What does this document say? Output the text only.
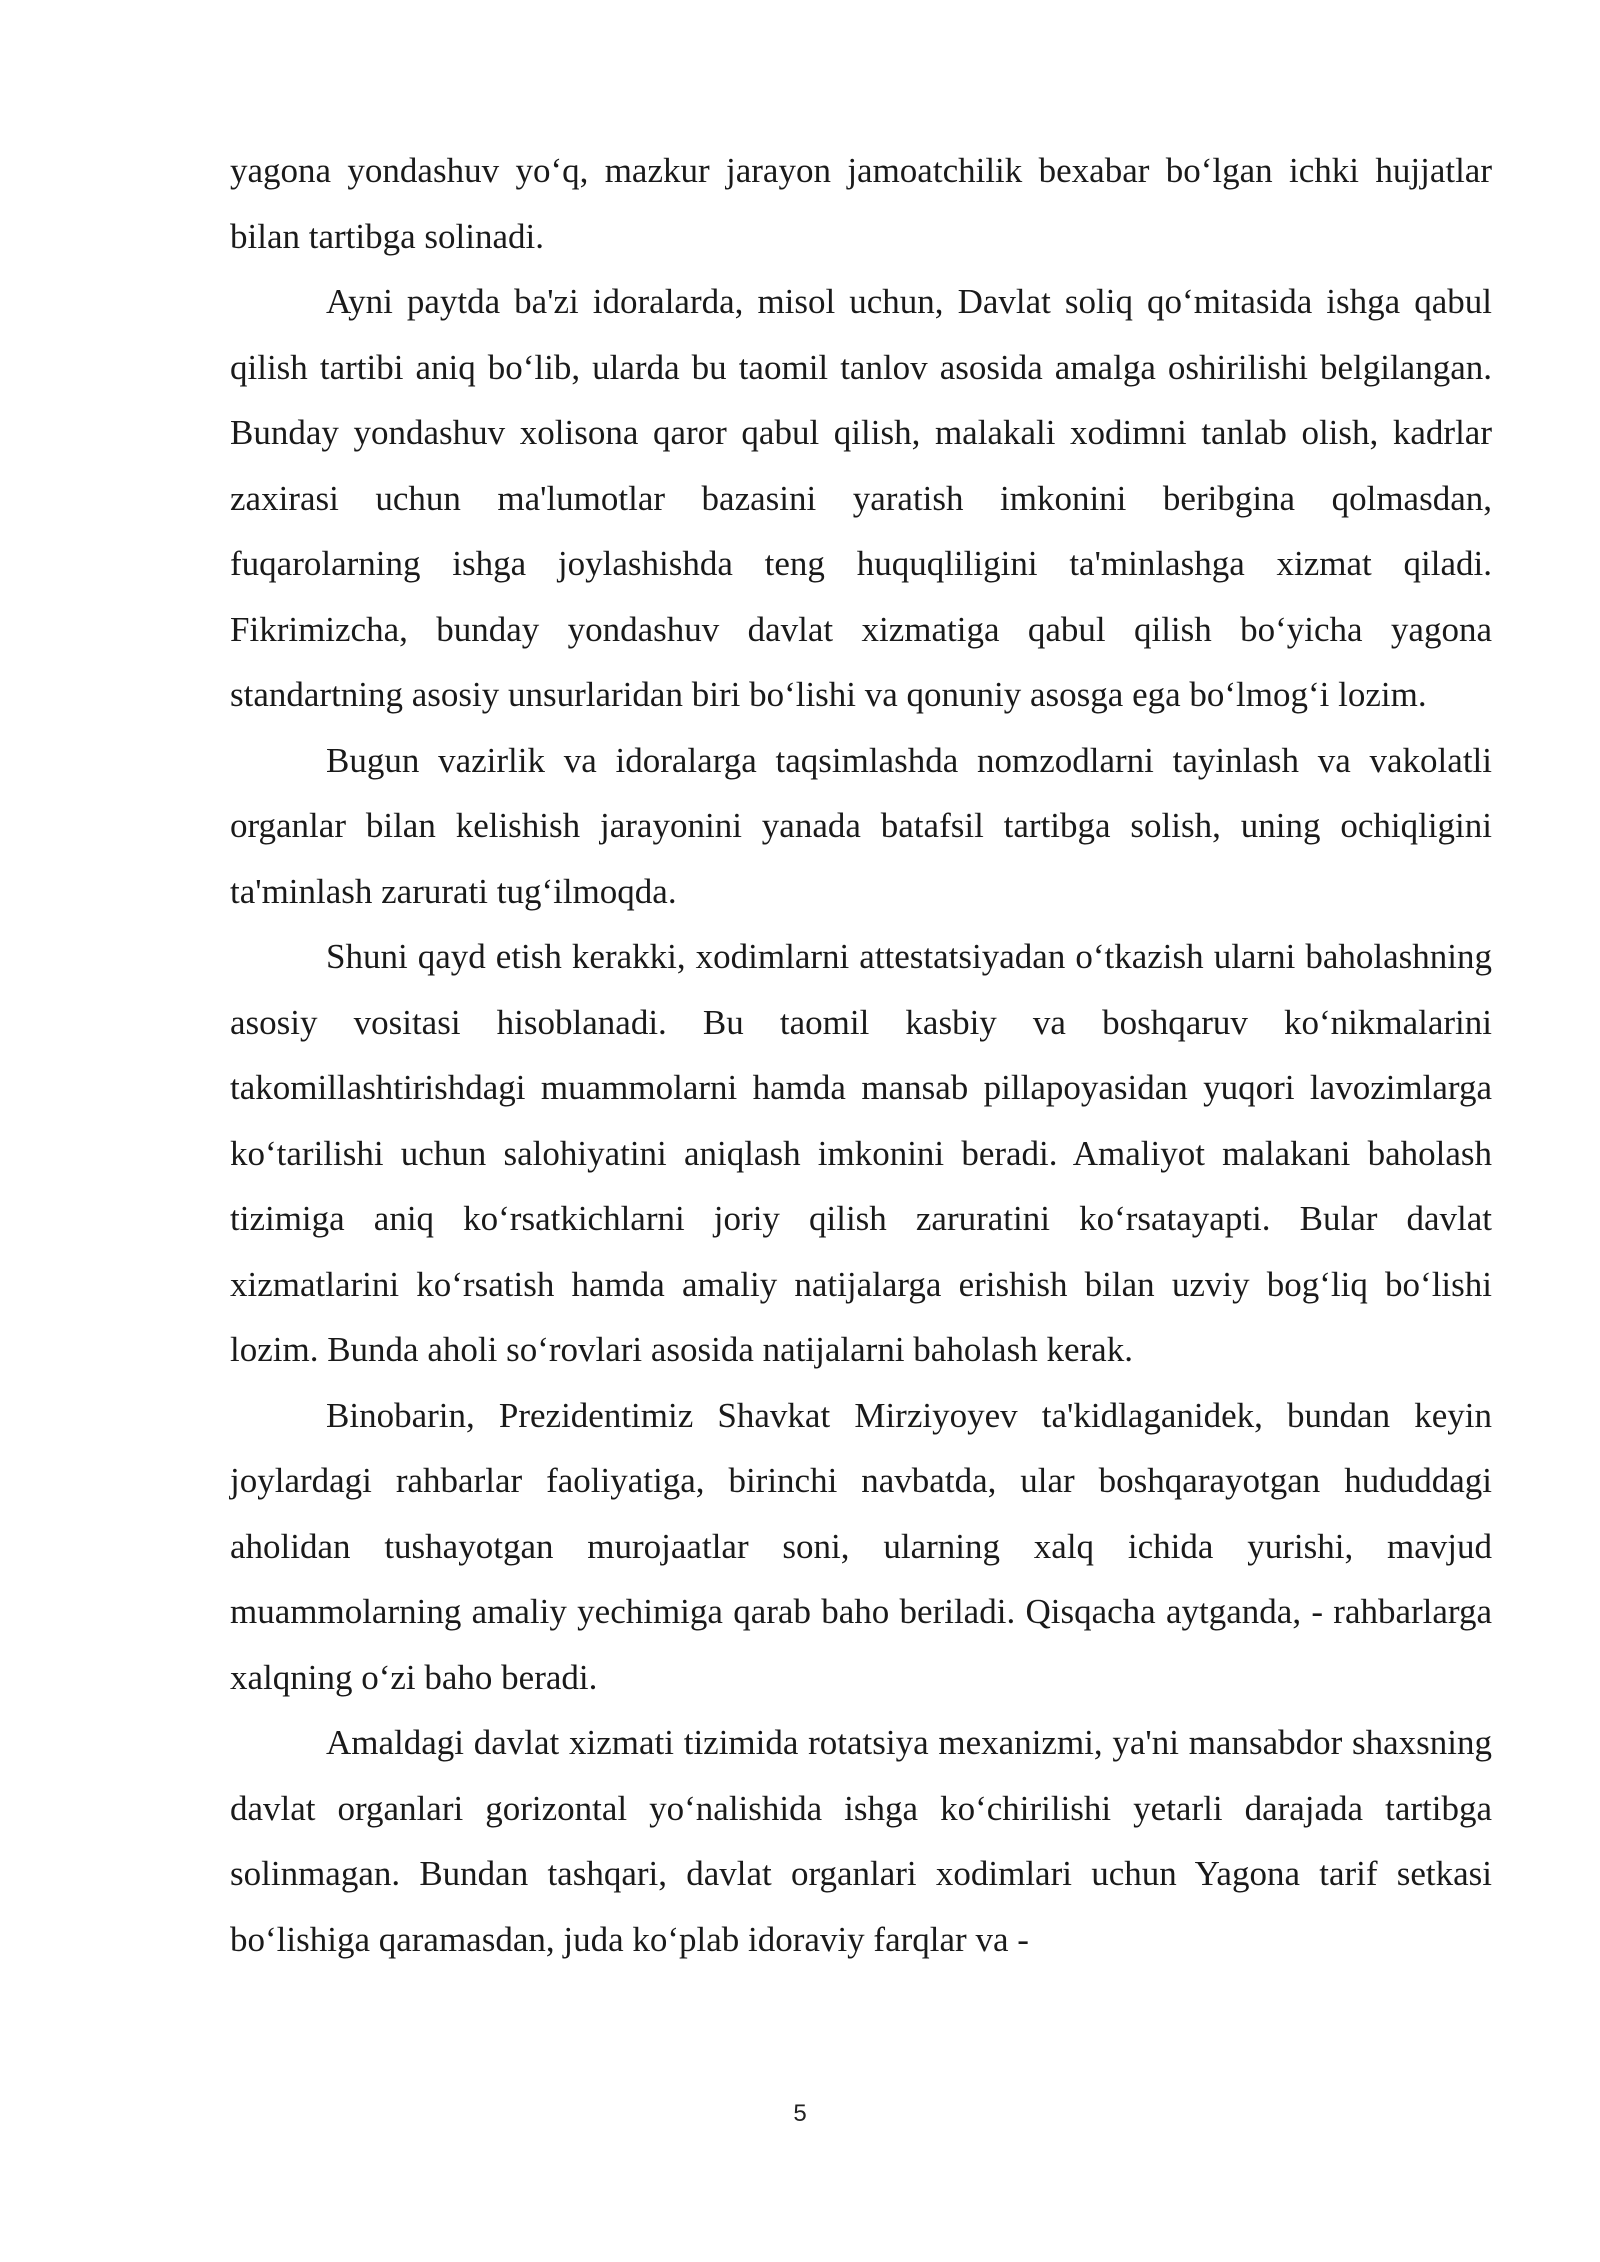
yagona yondashuv yo‘q, mazkur jarayon jamoatchilik bexabar bo‘lgan ichki hujjatlar bilan tartibga solinadi.

Ayni paytda ba'zi idoralarda, misol uchun, Davlat soliq qo‘mitasida ishga qabul qilish tartibi aniq bo‘lib, ularda bu taomil tanlov asosida amalga oshirilishi belgilangan. Bunday yondashuv xolisona qaror qabul qilish, malakali xodimni tanlab olish, kadrlar zaxirasi uchun ma'lumotlar bazasini yaratish imkonini beribgina qolmasdan, fuqarolarning ishga joylashishda teng huquqliligini ta'minlashga xizmat qiladi. Fikrimizcha, bunday yondashuv davlat xizmatiga qabul qilish bo‘yicha yagona standartning asosiy unsurlaridan biri bo‘lishi va qonuniy asosga ega bo‘lmog‘i lozim.

Bugun vazirlik va idoralarga taqsimlashda nomzodlarni tayinlash va vakolatli organlar bilan kelishish jarayonini yanada batafsil tartibga solish, uning ochiqligini ta'minlash zarurati tug‘ilmoqda.

Shuni qayd etish kerakki, xodimlarni attestatsiyadan o‘tkazish ularni baholashning asosiy vositasi hisoblanadi. Bu taomil kasbiy va boshqaruv ko‘nikmalarini takomillashtirishdagi muammolarni hamda mansab pillapoyasidan yuqori lavozimlarga ko‘tarilishi uchun salohiyatini aniqlash imkonini beradi. Amaliyot malakani baholash tizimiga aniq ko‘rsatkichlarni joriy qilish zaruratini ko‘rsatayapti. Bular davlat xizmatlarini ko‘rsatish hamda amaliy natijalarga erishish bilan uzviy bog‘liq bo‘lishi lozim. Bunda aholi so‘rovlari asosida natijalarni baholash kerak.

Binobarin, Prezidentimiz Shavkat Mirziyoyev ta'kidlaganidek, bundan keyin joylardagi rahbarlar faoliyatiga, birinchi navbatda, ular boshqarayotgan hududdagi aholidan tushayotgan murojaatlar soni, ularning xalq ichida yurishi, mavjud muammolarning amaliy yechimiga qarab baho beriladi. Qisqacha aytganda, - rahbarlarga xalqning o‘zi baho beradi.

Amaldagi davlat xizmati tizimida rotatsiya mexanizmi, ya'ni mansabdor shaxsning davlat organlari gorizontal yo‘nalishida ishga ko‘chirilishi yetarli darajada tartibga solinmagan. Bundan tashqari, davlat organlari xodimlari uchun Yagona tarif setkasi bo‘lishiga qaramasdan, juda ko‘plab idoraviy farqlar va -

5
